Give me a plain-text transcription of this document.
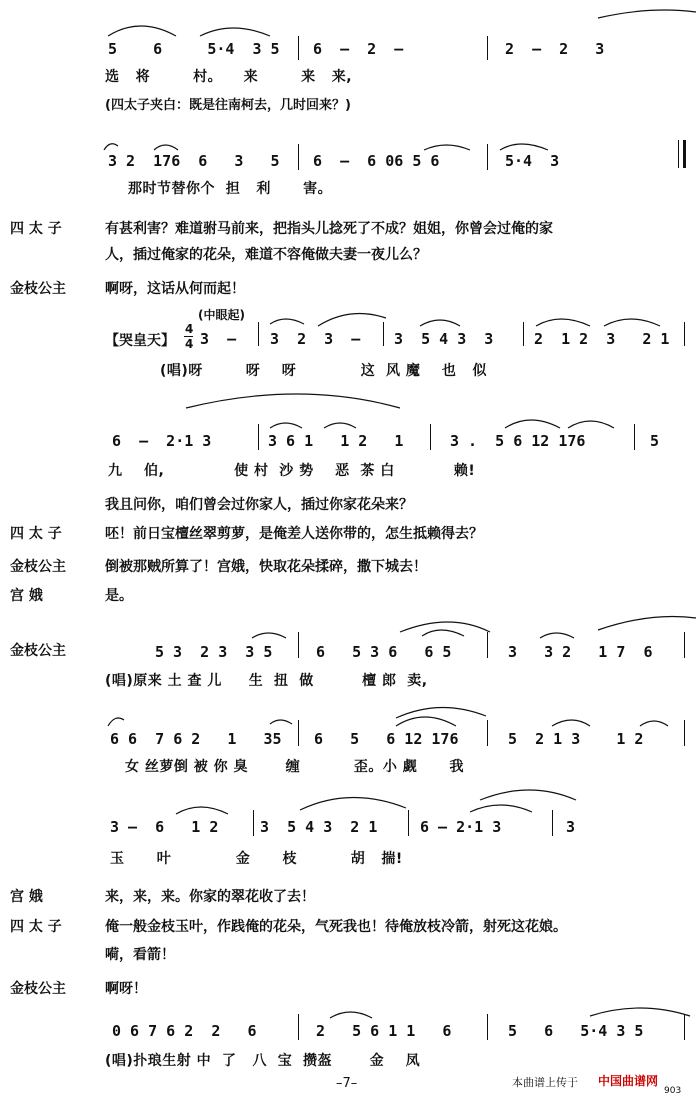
5    6     5·4  3 5 6  –  2  –	2  –  2   3
选   将        村。    来        来   来,
(四太子夹白：既是往南柯去，几时回来？)
3 2  176  6   3   5 6  –  6 06 5 6	5·4  3
那时节替你个  担   利      害。
四 太 子	有甚利害？难道驸马前来，把指头儿捻死了不成？姐姐，你曾会过俺的家
人，插过俺家的花朵，难道不容俺做夫妻一夜儿么？
金枝公主	啊呀，这话从何而起！
(中眼起)
【哭皇天】
4
4 3  – 3  2  3  – 3  5 4 3  3	2  1 2  3   2 1
(唱)呀        呀    呀            这  风 魔    也   似
6  –  2·1 3	3 6 1   1 2   1	3 .  5 6 12 176	5
九    伯,             使 村  沙 势    恶  茶 白           赖!
我且问你，咱们曾会过你家人，插过你家花朵来？
四 太 子	呸！前日宝檀丝翠剪萝，是俺差人送你带的，怎生抵赖得去？
金枝公主	倒被那贼所算了！宫娥，快取花朵揉碎，撒下城去！
宫 娥	是。
金枝公主	5 3  2 3  3 5	6   5 3 6   6 5	3   3 2   1 7  6
(唱)原来 土 查 儿     生  扭  做         檀 郎  卖,
6 6  7 6 2   1   35 6   5   6 12 176	5  2 1 3    1 2
女 丝萝倒 被 你 臭       缠          歪。小 觑      我
3 –  6   1 2	3  5 4 3  2 1	6 – 2·1 3	3
玉      叶            金      枝          胡   揣!
宫 娥	来，来，来。你家的翠花收了去！
四 太 子	俺一般金枝玉叶，作践俺的花朵，气死我也！待俺放枝冷箭，射死这花娘。
嗬，看箭！
金枝公主	啊呀！
0 6 7 6 2  2   6	2   5 6 1 1   6	5   6   5·4 3 5
(唱)扑琅生射 中  了   八  宝  攒盔       金    凤
–7–	本曲谱上传于 中国曲谱网
903
